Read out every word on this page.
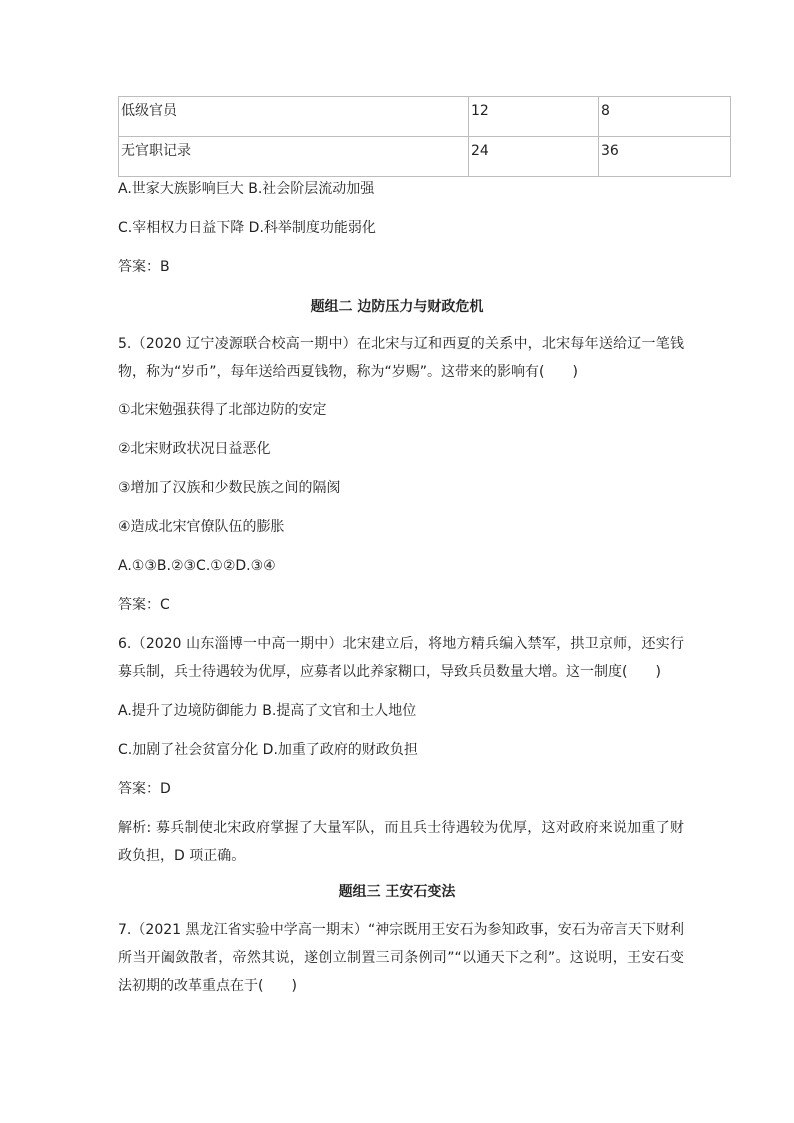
低级官员	12	8
无官职记录	24	36

A.世家大族影响巨大 B.社会阶层流动加强

C.宰相权力日益下降 D.科举制度功能弱化

答案：B

题组二 边防压力与财政危机

5.（2020 辽宁凌源联合校高一期中）在北宋与辽和西夏的关系中，北宋每年送给辽一笔钱物，称为“岁币”，每年送给西夏钱物，称为“岁赐”。这带来的影响有(　　)

①北宋勉强获得了北部边防的安定

②北宋财政状况日益恶化

③增加了汉族和少数民族之间的隔阂

④造成北宋官僚队伍的膨胀

A.①③B.②③C.①②D.③④

答案：C

6.（2020 山东淄博一中高一期中）北宋建立后，将地方精兵编入禁军，拱卫京师，还实行募兵制，兵士待遇较为优厚，应募者以此养家糊口，导致兵员数量大增。这一制度(　　)

A.提升了边境防御能力 B.提高了文官和士人地位

C.加剧了社会贫富分化 D.加重了政府的财政负担

答案：D

解析: 募兵制使北宋政府掌握了大量军队，而且兵士待遇较为优厚，这对政府来说加重了财政负担，D 项正确。

题组三 王安石变法

7.（2021 黑龙江省实验中学高一期末）“神宗既用王安石为参知政事，安石为帝言天下财利所当开阖敛散者，帝然其说，遂创立制置三司条例司”“以通天下之利”。这说明，王安石变法初期的改革重点在于(　　)
